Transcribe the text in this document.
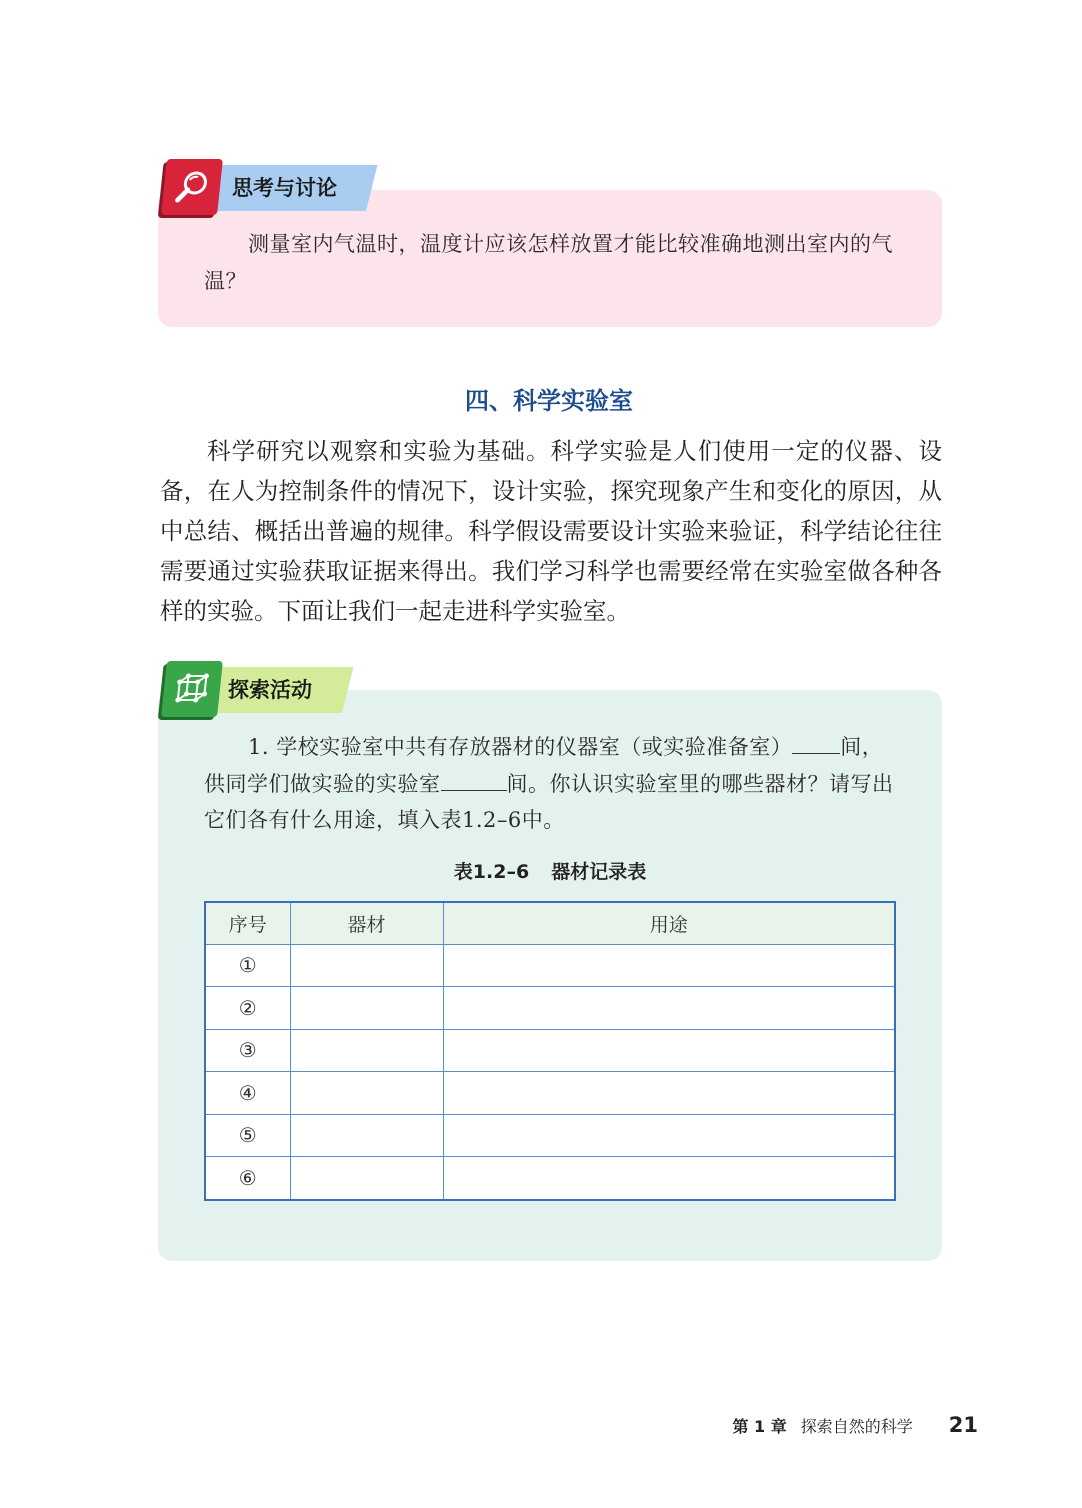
思考与讨论
测量室内气温时，温度计应该怎样放置才能比较准确地测出室内的气温？
四、科学实验室
科学研究以观察和实验为基础。科学实验是人们使用一定的仪器、设备，在人为控制条件的情况下，设计实验，探究现象产生和变化的原因，从中总结、概括出普遍的规律。科学假设需要设计实验来验证，科学结论往往需要通过实验获取证据来得出。我们学习科学也需要经常在实验室做各种各样的实验。下面让我们一起走进科学实验室。
探索活动
1. 学校实验室中共有存放器材的仪器室（或实验准备室） 间，供同学们做实验的实验室	间。你认识实验室里的哪些器材？请写出它们各有什么用途，填入表1.2–6中。
表1.2–6 器材记录表
序号	器材	用途
①		
②		
③		
④		
⑤		
⑥		
第 1 章 探索自然的科学 21
